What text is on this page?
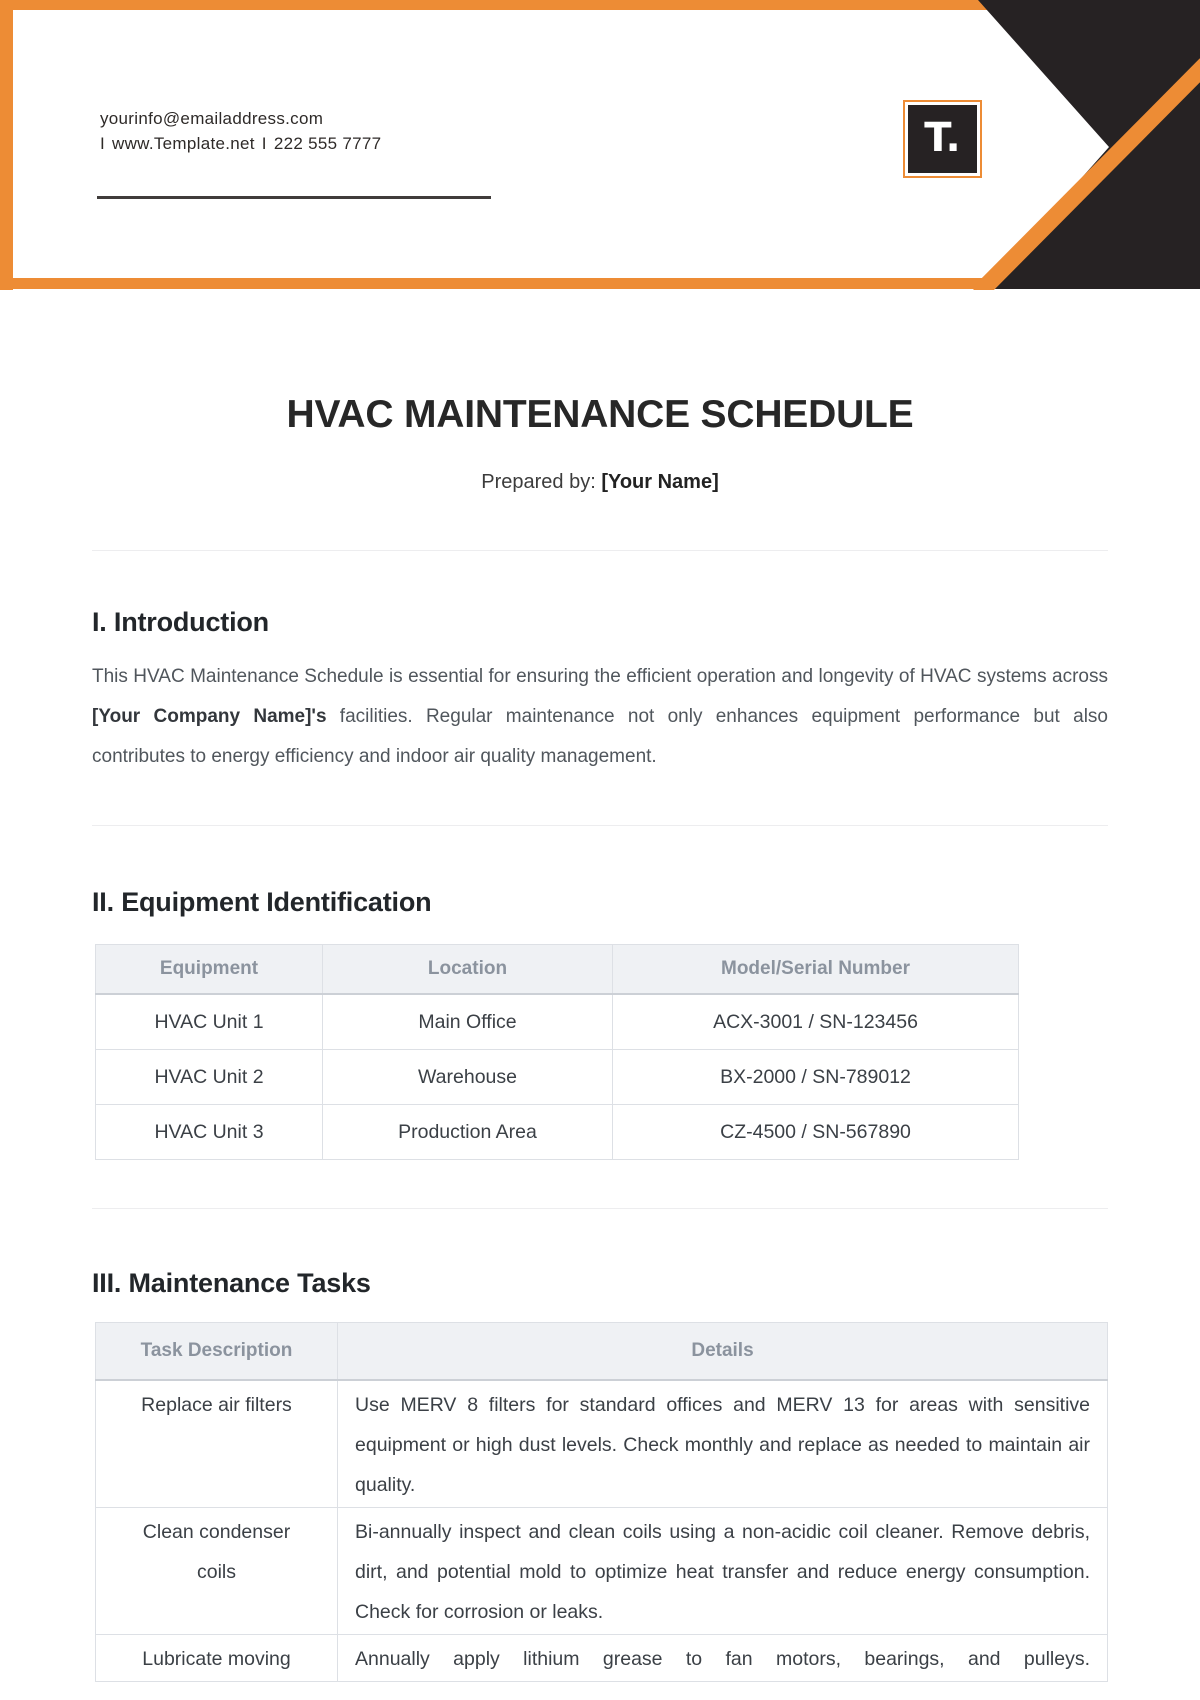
yourinfo@emailaddress.com
I www.Template.net I 222 555 7777	T.
HVAC MAINTENANCE SCHEDULE
Prepared by: [Your Name]
I. Introduction

This HVAC Maintenance Schedule is essential for ensuring the efficient operation and longevity of HVAC systems across [Your Company Name]'s facilities. Regular maintenance not only enhances equipment performance but also contributes to energy efficiency and indoor air quality management.

II. Equipment Identification
Equipment	Location	Model/Serial Number
HVAC Unit 1	Main Office	ACX-3001 / SN-123456
HVAC Unit 2	Warehouse	BX-2000 / SN-789012
HVAC Unit 3	Production Area	CZ-4500 / SN-567890
III. Maintenance Tasks
Task Description	Details
Replace air filters	Use MERV 8 filters for standard offices and MERV 13 for areas with sensitive equipment or high dust levels. Check monthly and replace as needed to maintain air quality.
Clean condenser coils	Bi-annually inspect and clean coils using a non-acidic coil cleaner. Remove debris, dirt, and potential mold to optimize heat transfer and reduce energy consumption. Check for corrosion or leaks.
Lubricate moving	Annually apply lithium grease to fan motors, bearings, and pulleys.
